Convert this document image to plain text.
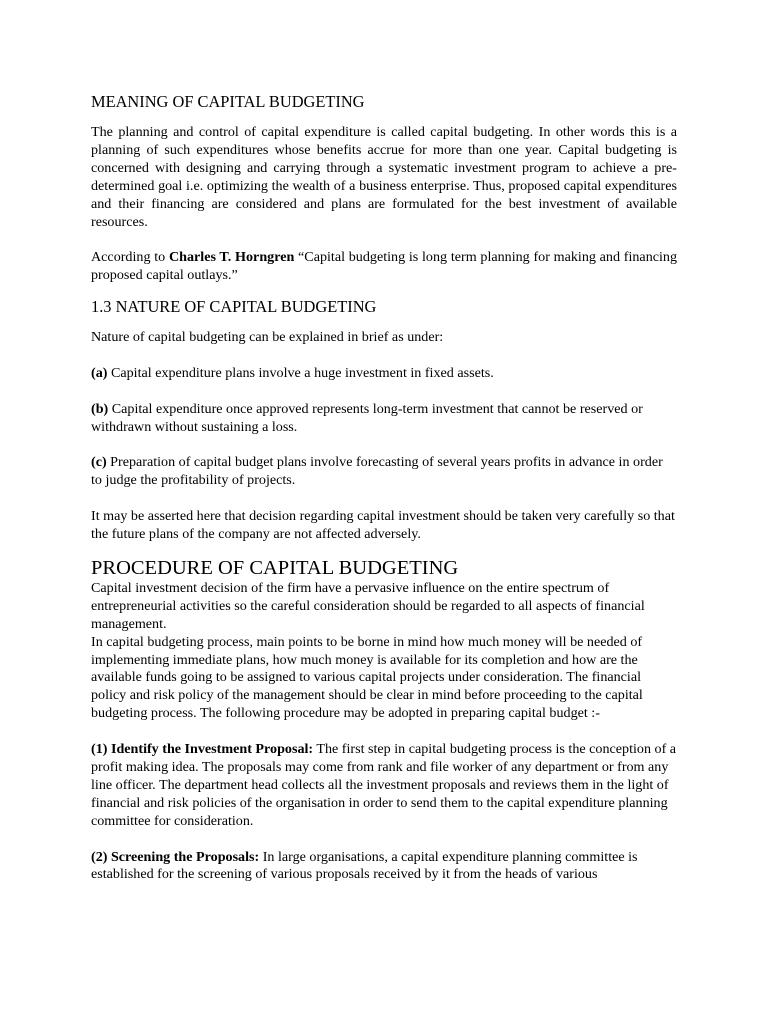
MEANING OF CAPITAL BUDGETING

The planning and control of capital expenditure is called capital budgeting. In other words this is a planning of such expenditures whose benefits accrue for more than one year. Capital budgeting is concerned with designing and carrying through a systematic investment program to achieve a pre-determined goal i.e. optimizing the wealth of a business enterprise. Thus, proposed capital expenditures and their financing are considered and plans are formulated for the best investment of available resources.

According to Charles T. Horngren “Capital budgeting is long term planning for making and financing proposed capital outlays.”

1.3 NATURE OF CAPITAL BUDGETING

Nature of capital budgeting can be explained in brief as under:

(a) Capital expenditure plans involve a huge investment in fixed assets.

(b) Capital expenditure once approved represents long-term investment that cannot be reserved or withdrawn without sustaining a loss.

(c) Preparation of capital budget plans involve forecasting of several years profits in advance in order to judge the profitability of projects.

It may be asserted here that decision regarding capital investment should be taken very carefully so that the future plans of the company are not affected adversely.

PROCEDURE OF CAPITAL BUDGETING

Capital investment decision of the firm have a pervasive influence on the entire spectrum of entrepreneurial activities so the careful consideration should be regarded to all aspects of financial management.

In capital budgeting process, main points to be borne in mind how much money will be needed of implementing immediate plans, how much money is available for its completion and how are the available funds going to be assigned to various capital projects under consideration. The financial policy and risk policy of the management should be clear in mind before proceeding to the capital budgeting process. The following procedure may be adopted in preparing capital budget :-

(1) Identify the Investment Proposal: The first step in capital budgeting process is the conception of a profit making idea. The proposals may come from rank and file worker of any department or from any line officer. The department head collects all the investment proposals and reviews them in the light of financial and risk policies of the organisation in order to send them to the capital expenditure planning committee for consideration.

(2) Screening the Proposals: In large organisations, a capital expenditure planning committee is established for the screening of various proposals received by it from the heads of various
